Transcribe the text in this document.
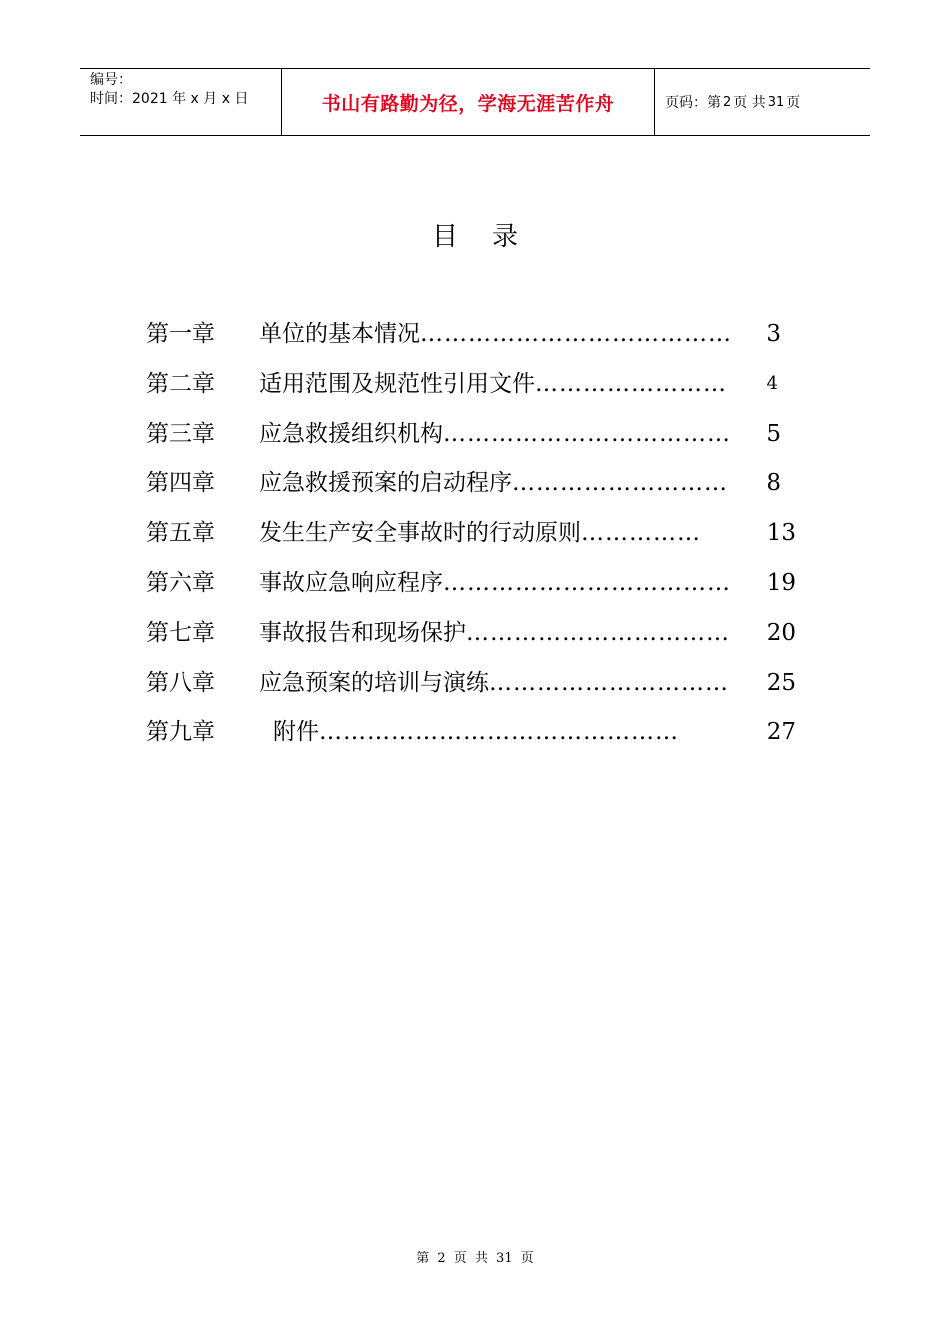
编号：
时间：2021 年 x 月 x 日	书山有路勤为径，学海无涯苦作舟	页码：第 2 页 共 31 页
目录
第一章 单位的基本情况………………………………… 3
第二章 适用范围及规范性引用文件…………………… 4
第三章 应急救援组织机构……………………………… 5
第四章 应急救援预案的启动程序……………………… 8
第五章 发生生产安全事故时的行动原则……………	13
第六章 事故应急响应程序……………………………… 19
第七章 事故报告和现场保护…………………………… 20
第八章 应急预案的培训与演练………………………… 25
第九章	附件………………………………………	27
第 2 页 共 31 页
